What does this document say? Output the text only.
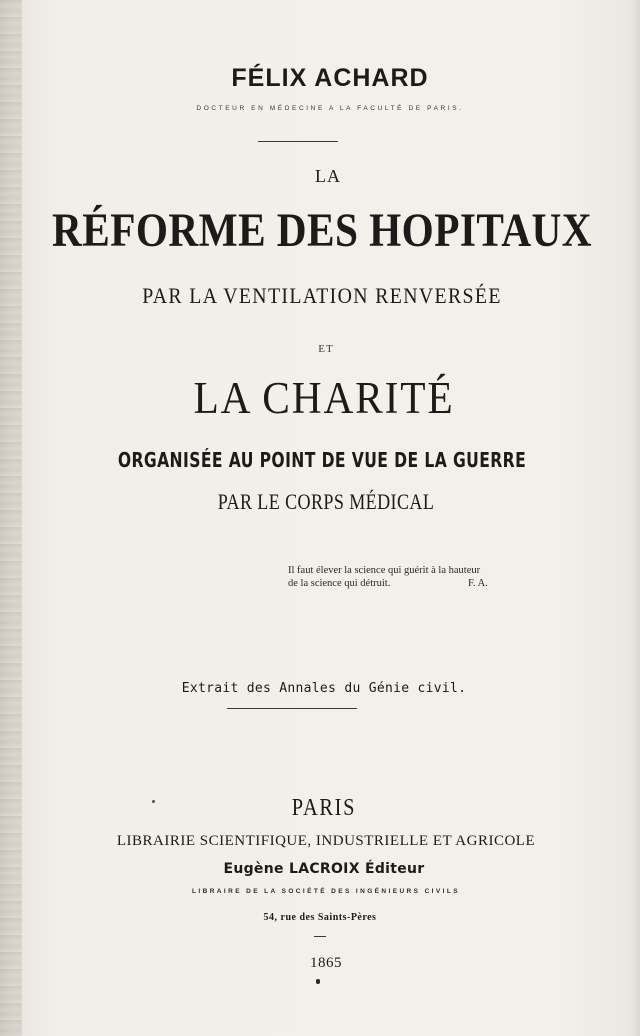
FÉLIX ACHARD
DOCTEUR EN MÉDECINE A LA FACULTÉ DE PARIS.
LA
RÉFORME DES HOPITAUX
PAR LA VENTILATION RENVERSÉE
ET
LA CHARITÉ
ORGANISÉE AU POINT DE VUE DE LA GUERRE
PAR LE CORPS MÉDICAL
Il faut élever la science qui guérit à la hauteur
de la science qui détruit.	F. A.
Extrait des Annales du Génie civil.
PARIS
LIBRAIRIE SCIENTIFIQUE, INDUSTRIELLE ET AGRICOLE
Eugène LACROIX Éditeur
LIBRAIRE DE LA SOCIÉTÉ DES INGÉNIEURS CIVILS
54, rue des Saints-Pères
1865
